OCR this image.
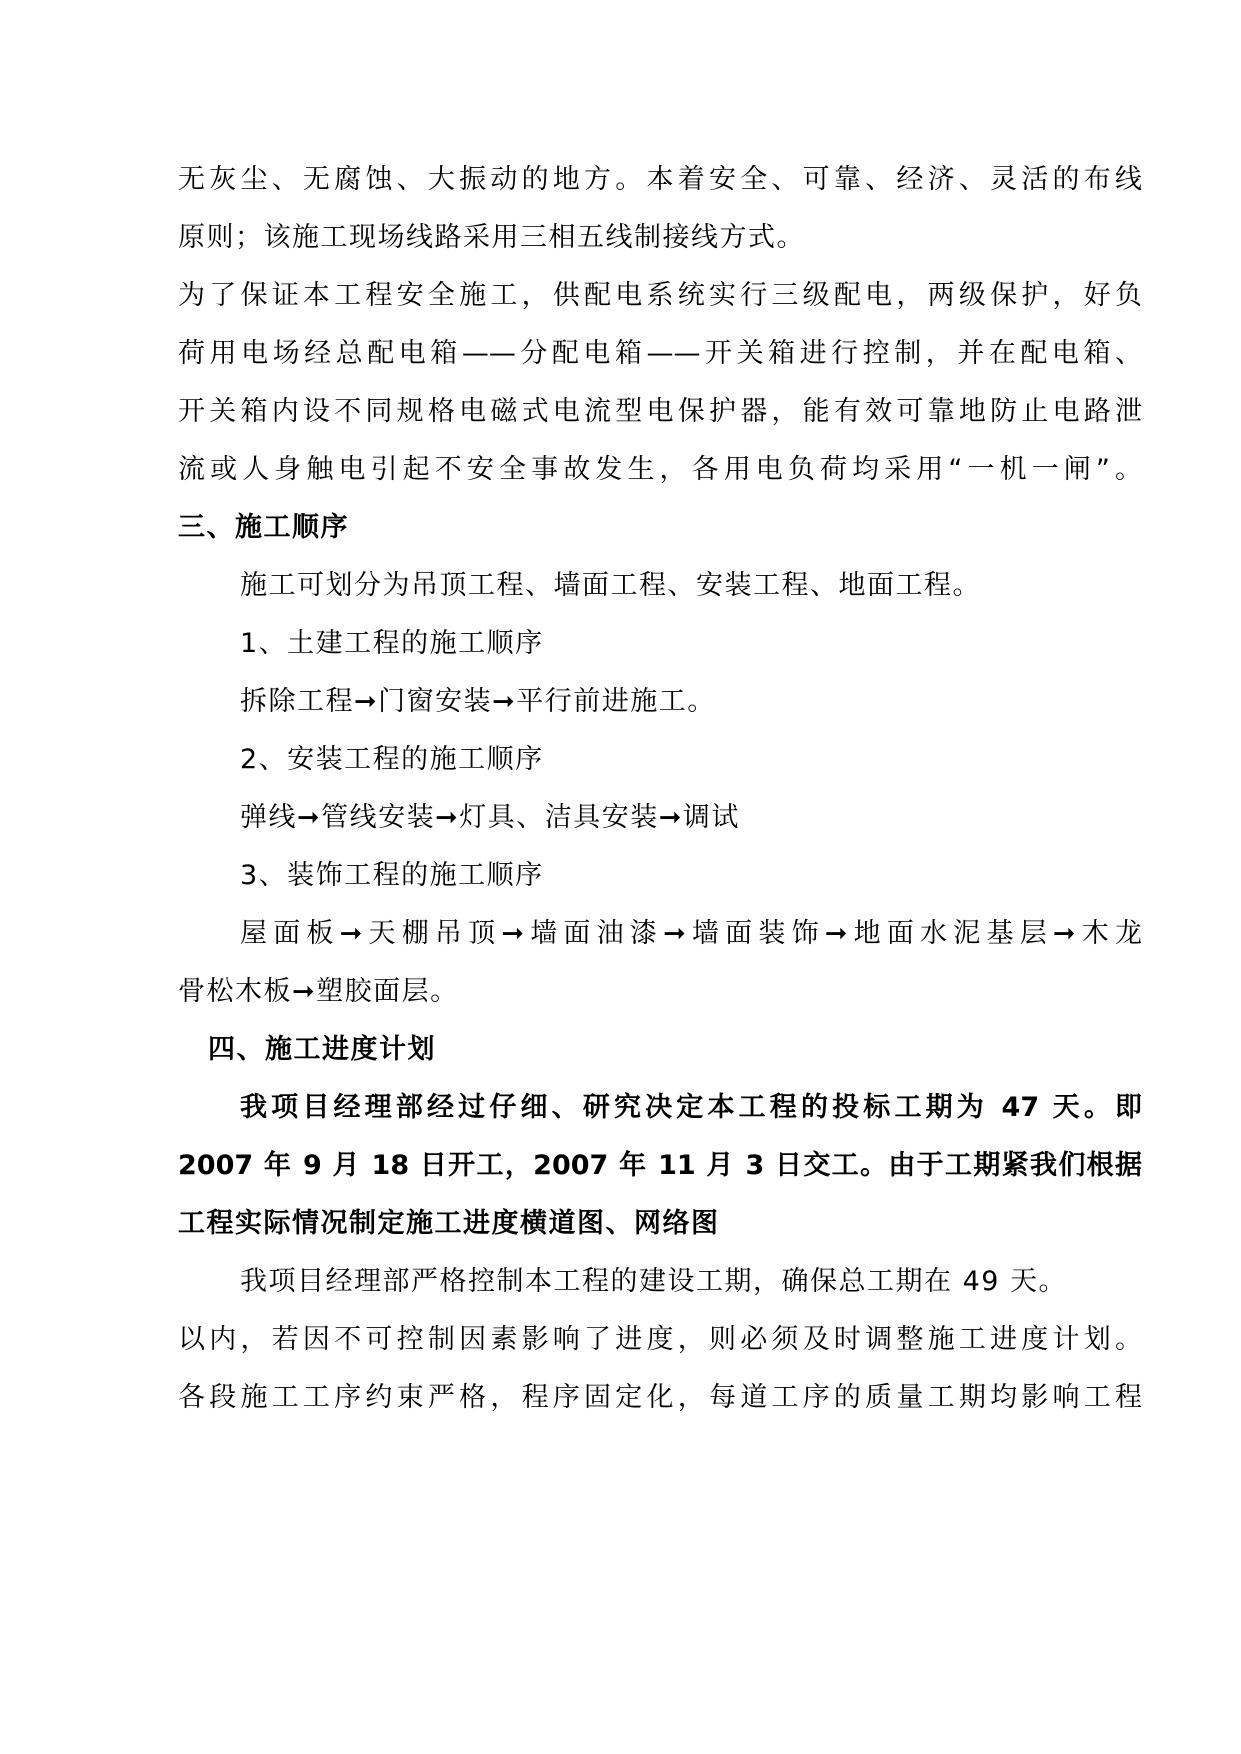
无灰尘、无腐蚀、大振动的地方。本着安全、可靠、经济、灵活的布线
原则；该施工现场线路采用三相五线制接线方式。
为了保证本工程安全施工，供配电系统实行三级配电，两级保护，好负
荷用电场经总配电箱——分配电箱——开关箱进行控制，并在配电箱、
开关箱内设不同规格电磁式电流型电保护器，能有效可靠地防止电路泄
流或人身触电引起不安全事故发生，各用电负荷均采用“一机一闸”。
三、施工顺序
施工可划分为吊顶工程、墙面工程、安装工程、地面工程。
1、土建工程的施工顺序
拆除工程➞门窗安装➞平行前进施工。
2、安装工程的施工顺序
弹线➞管线安装➞灯具、洁具安装➞调试
3、装饰工程的施工顺序
屋面板➞天棚吊顶➞墙面油漆➞墙面装饰➞地面水泥基层➞木龙
骨松木板➞塑胶面层。
四、施工进度计划
我项目经理部经过仔细、研究决定本工程的投标工期为 47 天。即
2007 年 9 月 18 日开工，2007 年 11 月 3 日交工。由于工期紧我们根据
工程实际情况制定施工进度横道图、网络图
我项目经理部严格控制本工程的建设工期，确保总工期在 49 天。
以内，若因不可控制因素影响了进度，则必须及时调整施工进度计划。
各段施工工序约束严格，程序固定化，每道工序的质量工期均影响工程
